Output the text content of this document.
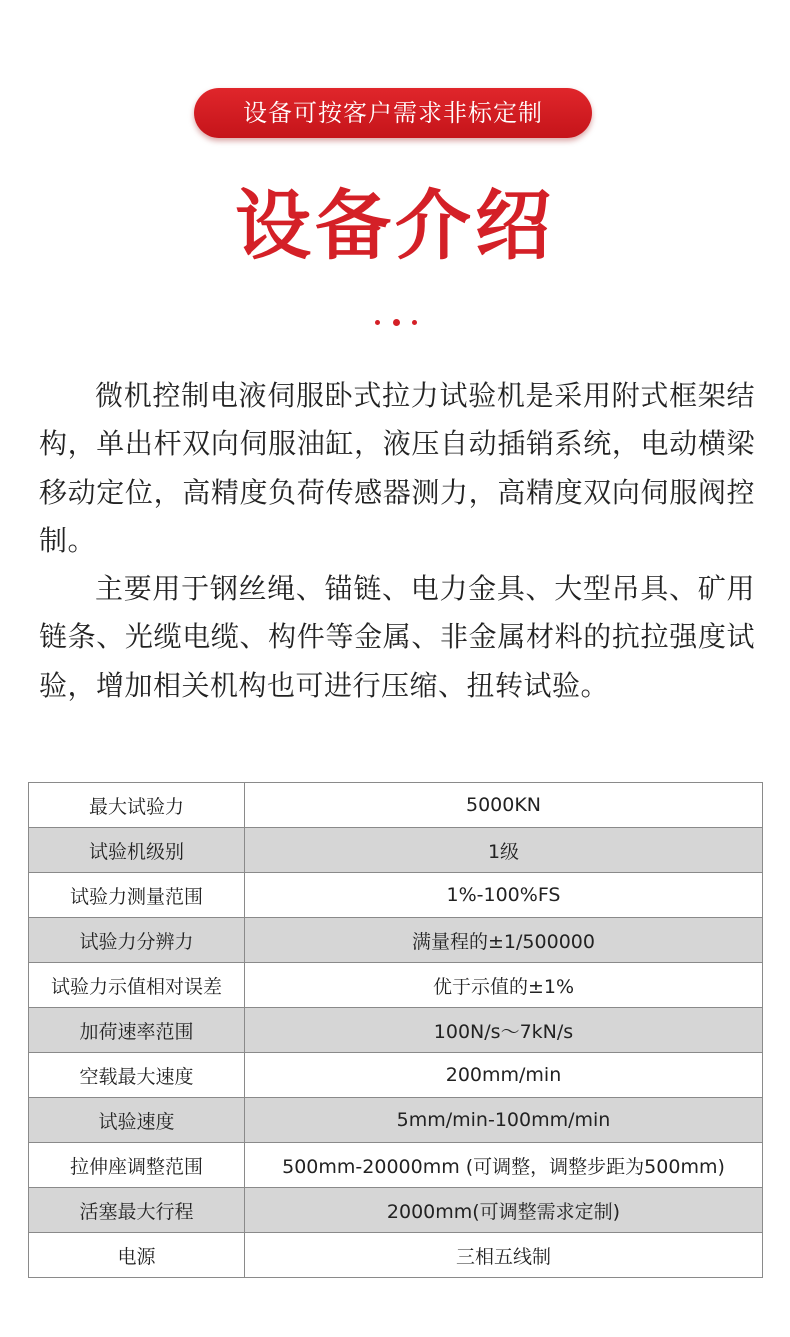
设备可按客户需求非标定制
设备介绍

微机控制电液伺服卧式拉力试验机是采用附式框架结构，单出杆双向伺服油缸，液压自动插销系统，电动横梁移动定位，高精度负荷传感器测力，高精度双向伺服阀控制。

主要用于钢丝绳、锚链、电力金具、大型吊具、矿用链条、光缆电缆、构件等金属、非金属材料的抗拉强度试验，增加相关机构也可进行压缩、扭转试验。

最大试验力	5000KN
试验机级别	1级
试验力测量范围	1%-100%FS
试验力分辨力	满量程的±1/500000
试验力示值相对误差	优于示值的±1%
加荷速率范围	100N/s～7kN/s
空载最大速度	200mm/min
试验速度	5mm/min-100mm/min
拉伸座调整范围	500mm-20000mm (可调整，调整步距为500mm)
活塞最大行程	2000mm(可调整需求定制)
电源	三相五线制
